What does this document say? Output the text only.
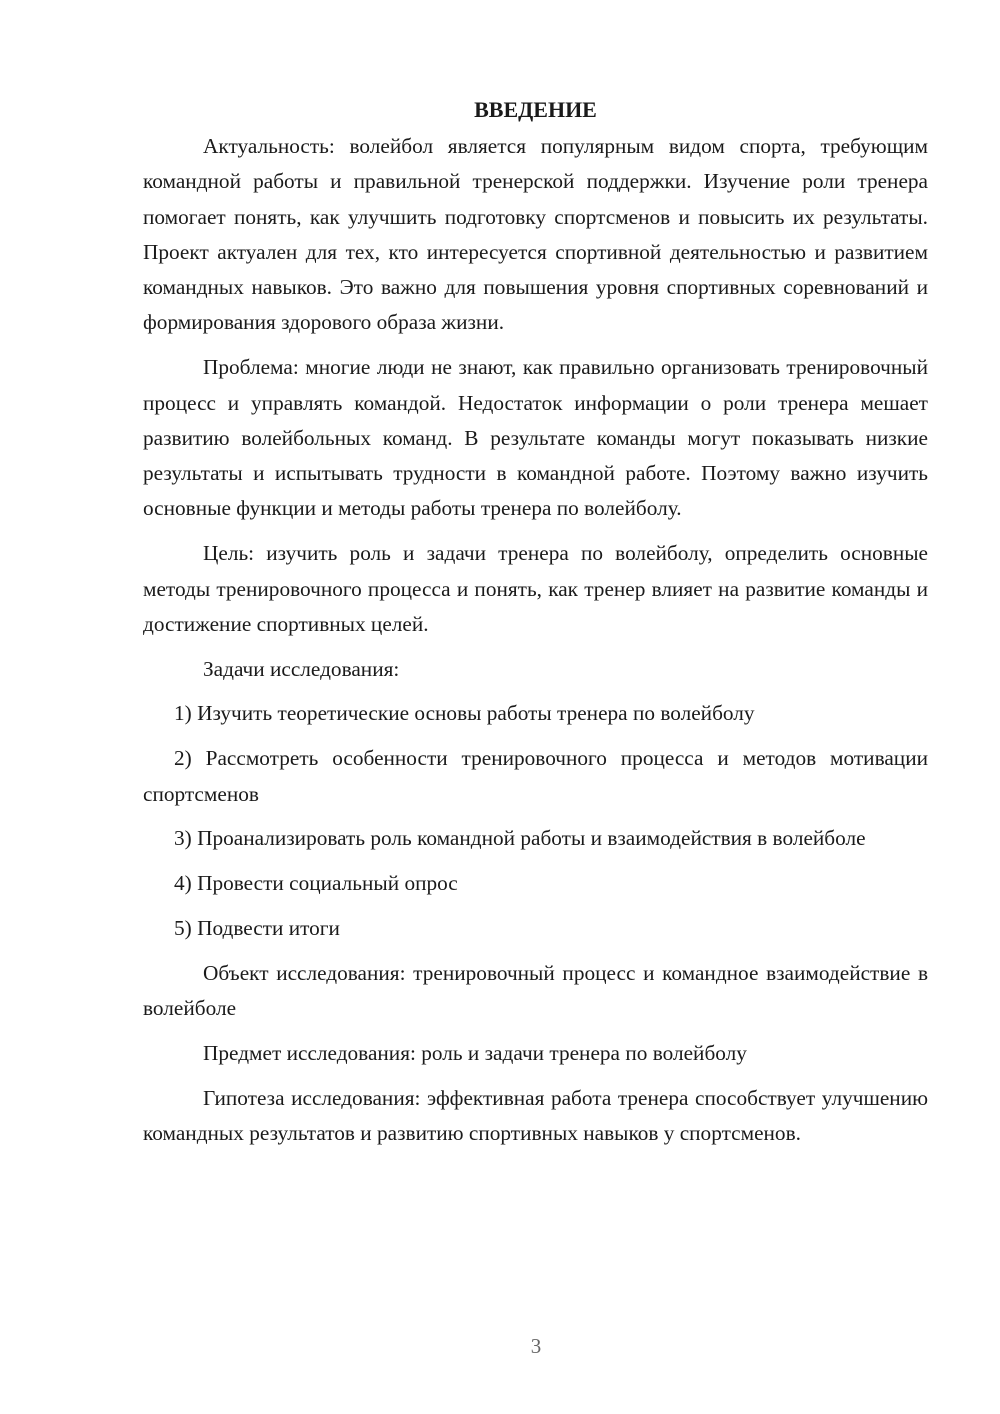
ВВЕДЕНИЕ

Актуальность: волейбол является популярным видом спорта, требующим командной работы и правильной тренерской поддержки. Изучение роли тренера помогает понять, как улучшить подготовку спортсменов и повысить их результаты. Проект актуален для тех, кто интересуется спортивной деятельностью и развитием командных навыков. Это важно для повышения уровня спортивных соревнований и формирования здорового образа жизни.

Проблема: многие люди не знают, как правильно организовать тренировочный процесс и управлять командой. Недостаток информации о роли тренера мешает развитию волейбольных команд. В результате команды могут показывать низкие результаты и испытывать трудности в командной работе. Поэтому важно изучить основные функции и методы работы тренера по волейболу.

Цель: изучить роль и задачи тренера по волейболу, определить основные методы тренировочного процесса и понять, как тренер влияет на развитие команды и достижение спортивных целей.

Задачи исследования:

1) Изучить теоретические основы работы тренера по волейболу

2) Рассмотреть особенности тренировочного процесса и методов мотивации спортсменов

3) Проанализировать роль командной работы и взаимодействия в волейболе

4) Провести социальный опрос

5) Подвести итоги

Объект исследования: тренировочный процесс и командное взаимодействие в волейболе

Предмет исследования: роль и задачи тренера по волейболу

Гипотеза исследования: эффективная работа тренера способствует улучшению командных результатов и развитию спортивных навыков у спортсменов.

3
